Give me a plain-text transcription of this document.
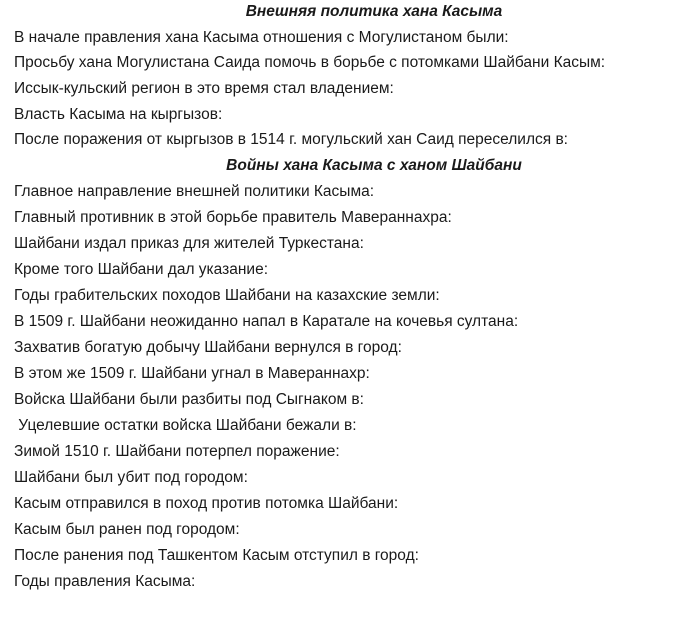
Внешняя политика хана Касыма
В начале правления хана Касыма отношения с Могулистаном были:
Просьбу хана Могулистана Саида помочь в борьбе с потомками Шайбани Касым:
Иссык-кульский регион в это время стал владением:
Власть Касыма на кыргызов:
После поражения от кыргызов в 1514 г. могульский хан Саид переселился в:
Войны хана Касыма с ханом Шайбани
Главное направление внешней политики Касыма:
Главный противник в этой борьбе правитель Мавераннахра:
Шайбани издал приказ для жителей Туркестана:
Кроме того Шайбани дал указание:
Годы грабительских походов Шайбани на казахские земли:
В 1509 г. Шайбани неожиданно напал в Каратале на кочевья султана:
Захватив богатую добычу Шайбани вернулся в город:
В этом же 1509 г. Шайбани угнал в Мавераннахр:
Войска Шайбани были разбиты под Сыгнаком в:
Уцелевшие остатки войска Шайбани бежали в:
Зимой 1510 г. Шайбани потерпел поражение:
Шайбани был убит под городом:
Касым отправился в поход против потомка Шайбани:
Касым был ранен под городом:
После ранения под Ташкентом Касым отступил в город:
Годы правления Касыма:
